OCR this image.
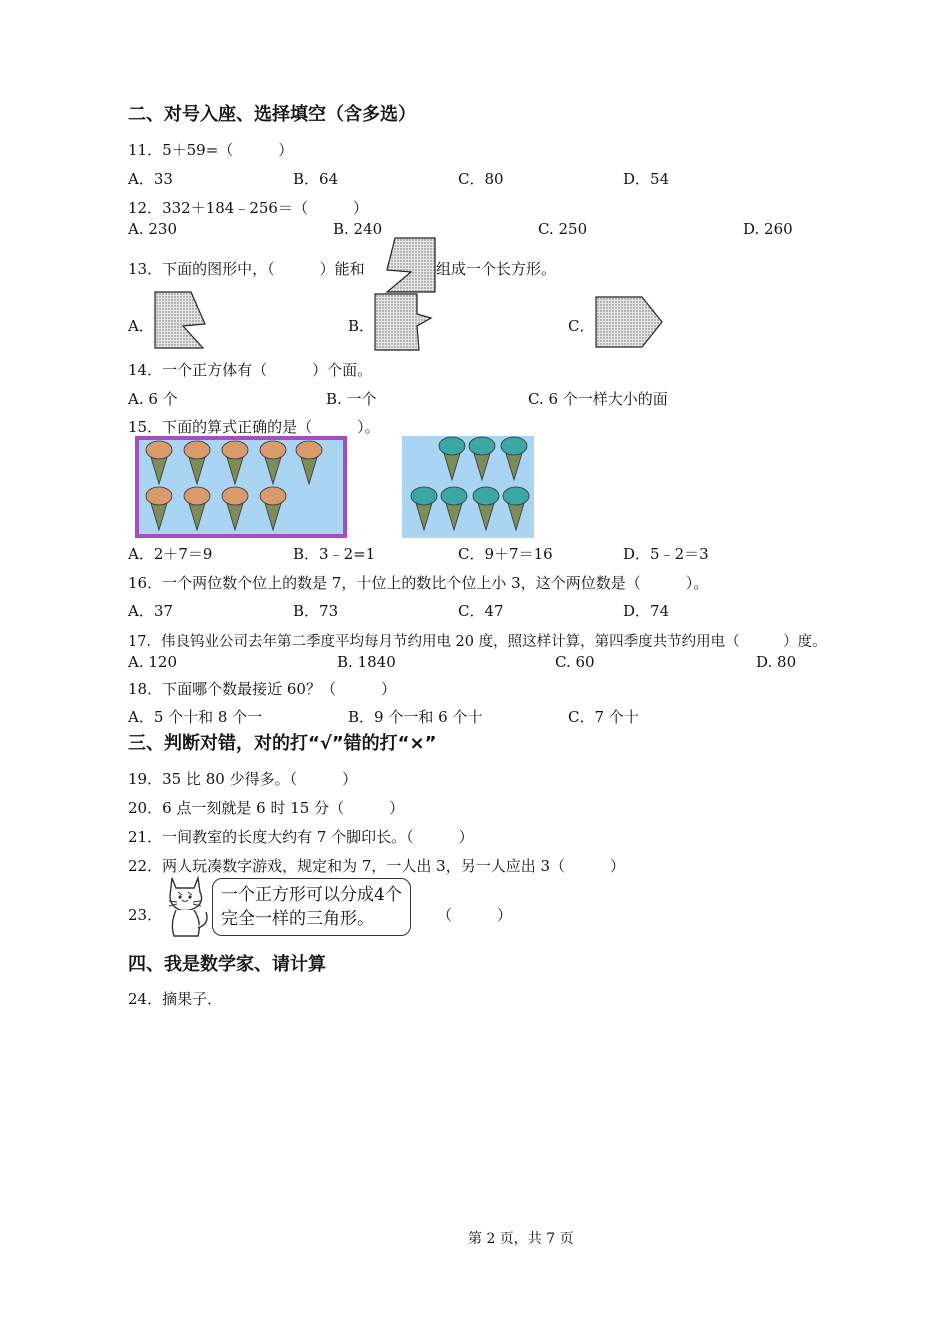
二、对号入座、选择填空（含多选）
11．5＋59=（　　　）
A．33	B．64	C．80	D．54
12．332＋184﹣256＝（　　　）
A. 230	B. 240	C. 250	D. 260
13．下面的图形中，（　　　）能和	组成一个长方形。
A．	B．	C．
14．一个正方体有（　　　）个面。
A. 6 个	B. 一个	C. 6 个一样大小的面
15．下面的算式正确的是（　　　）。
A．2＋7＝9	B．3﹣2=1	C．9＋7＝16	D．5﹣2＝3
16．一个两位数个位上的数是 7，十位上的数比个位上小 3，这个两位数是（　　　）。
A．37	B．73	C．47	D．74
17．伟良钨业公司去年第二季度平均每月节约用电 20 度，照这样计算，第四季度共节约用电（　　　）度。
A. 120	B. 1840	C. 60	D. 80
18．下面哪个数最接近 60？（　　　）
A．5 个十和 8 个一	B．9 个一和 6 个十	C．7 个十
三、判断对错，对的打“√”错的打“×”
19．35 比 80 少得多。（　　　）
20．6 点一刻就是 6 时 15 分（　　　）
21．一间教室的长度大约有 7 个脚印长。（　　　）
22．两人玩凑数字游戏，规定和为 7，一人出 3，另一人应出 3（　　　）
23．
一个正方形可以分成4个
完全一样的三角形。	（　　　）
四、我是数学家、请计算
24．摘果子．
第 2 页，共 7 页
